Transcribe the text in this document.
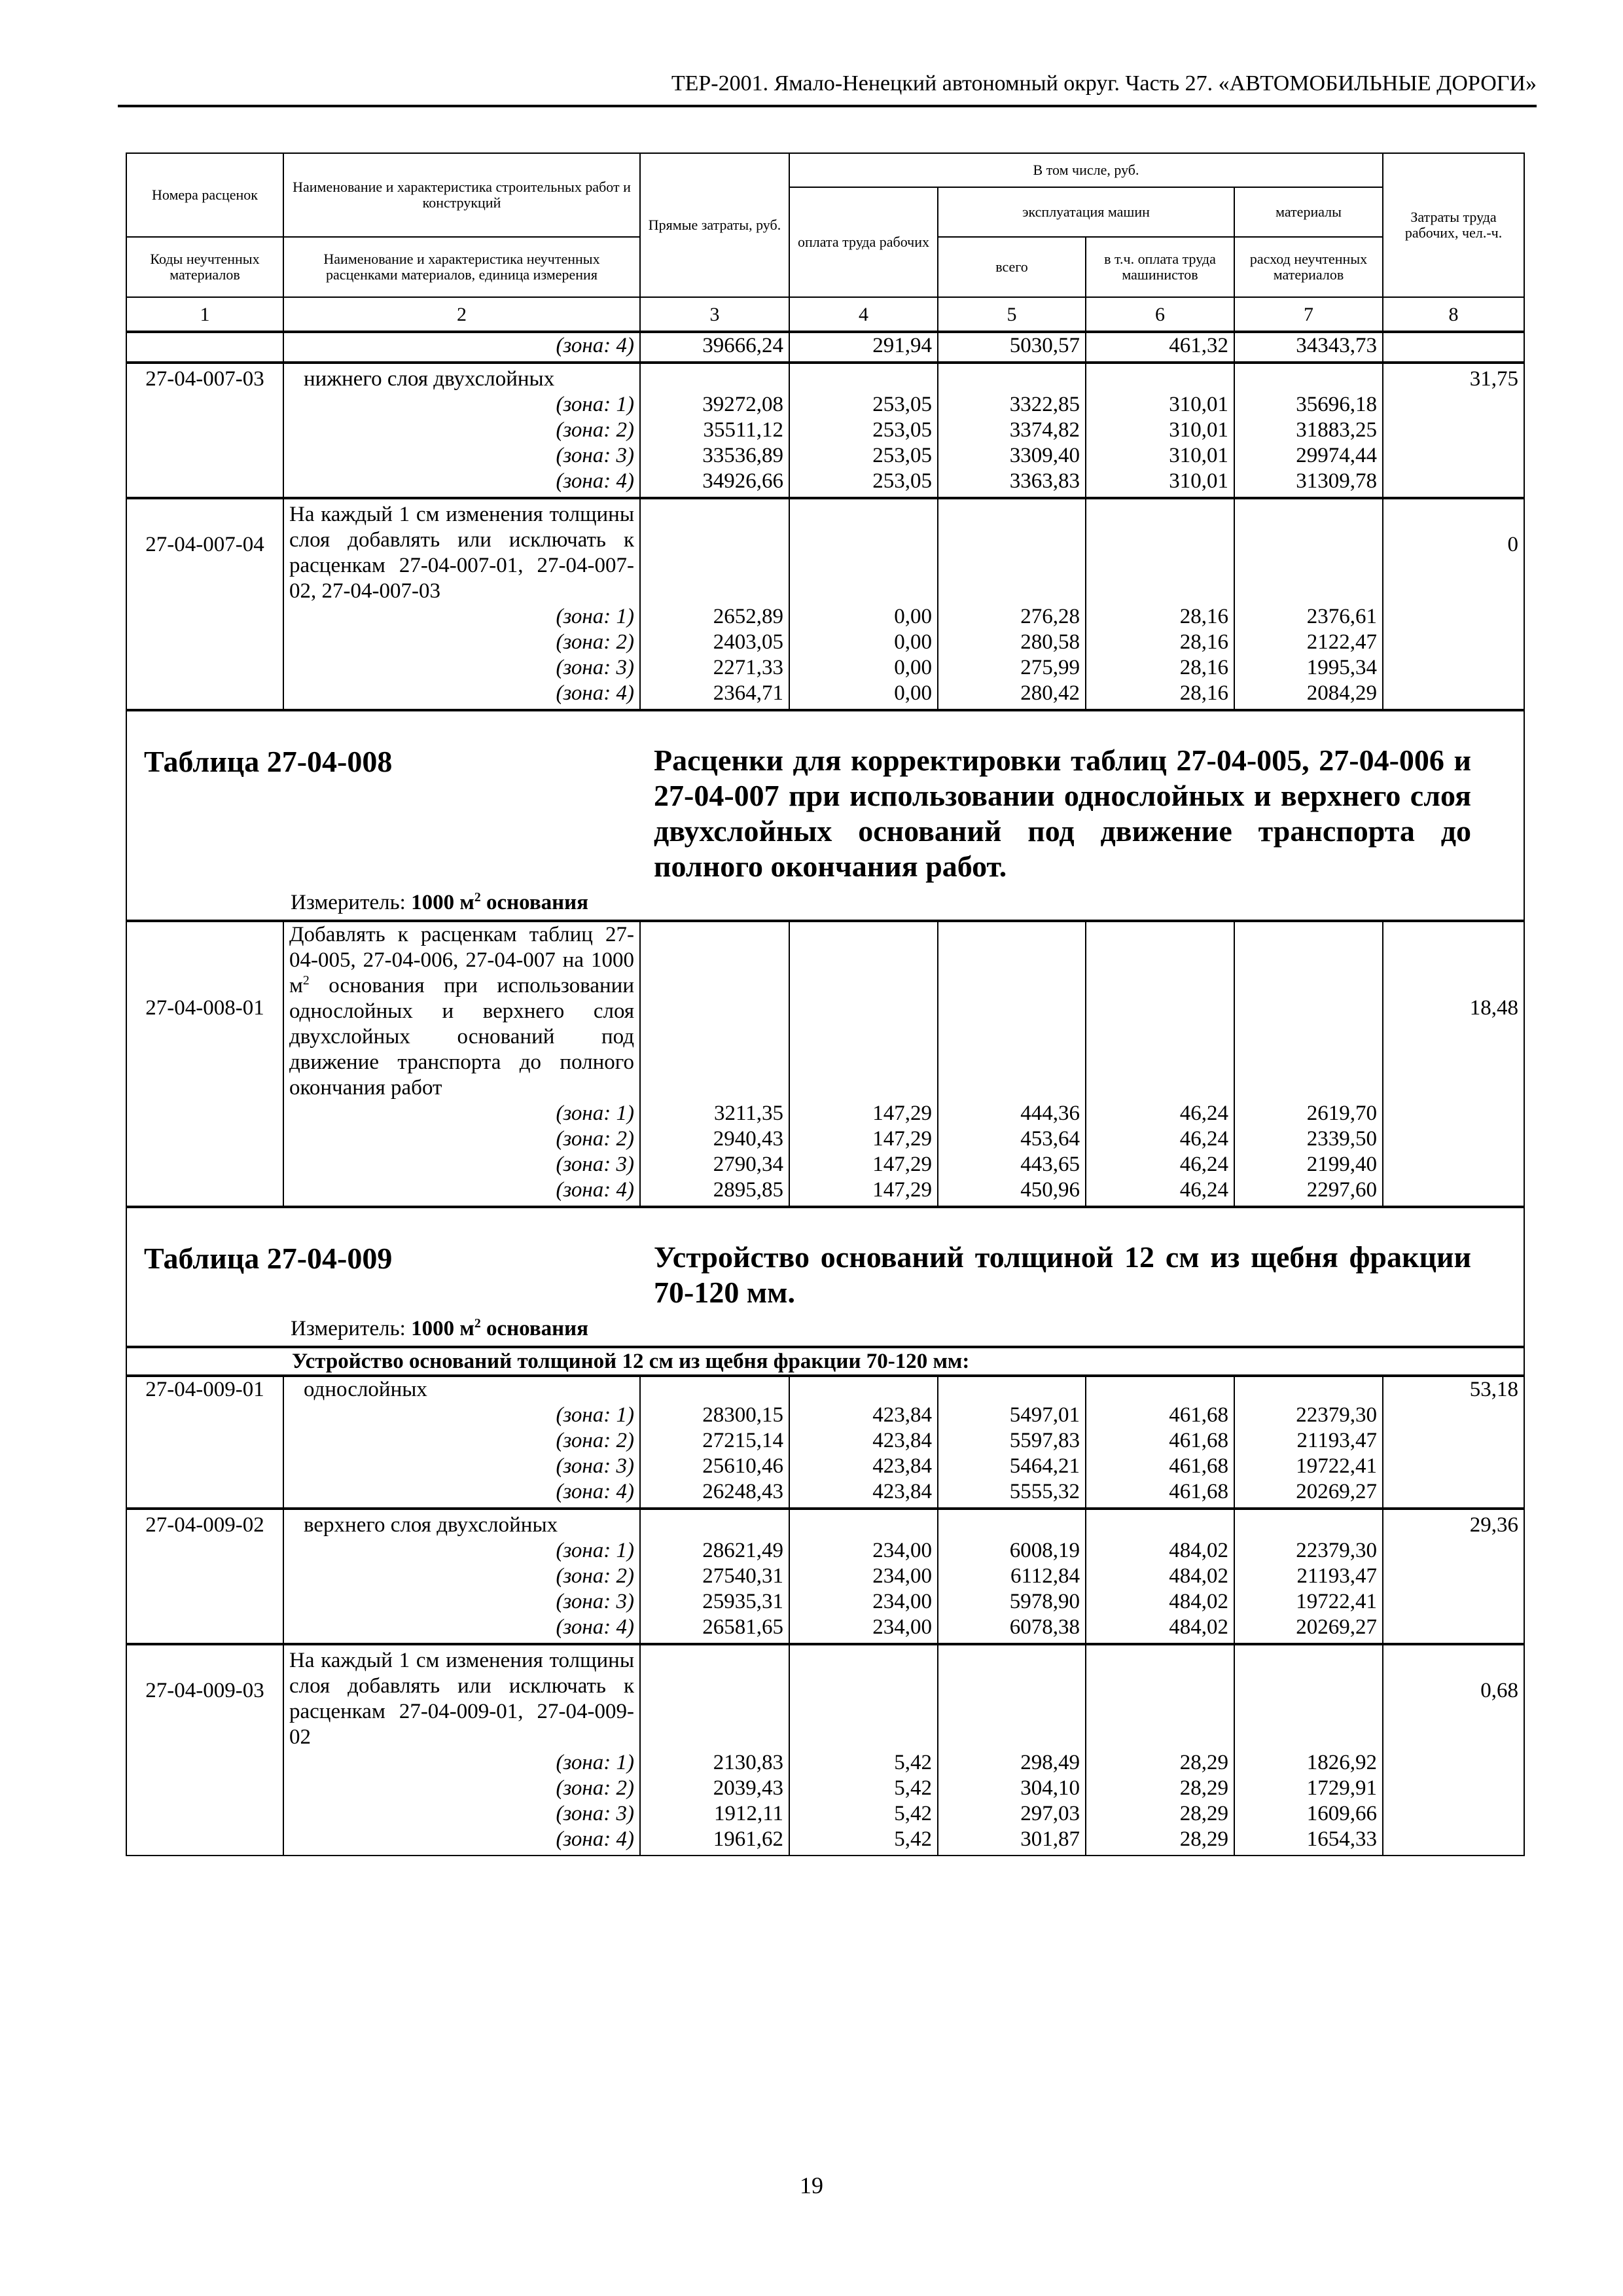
ТЕР-2001. Ямало-Ненецкий автономный округ. Часть 27. «АВТОМОБИЛЬНЫЕ ДОРОГИ»
Номера расценок	Наименование и характеристика строительных работ и конструкций	Прямые затраты, руб.	В том числе, руб.				Затраты труда рабочих, чел.-ч.
			оплата труда рабочих	эксплуатация машин		материалы	
Коды неучтенных материалов	Наименование и характеристика неучтенных расценками материалов, единица измерения			всего	в т.ч. оплата труда машинистов	расход неучтенных материалов	

1	2	3	4	5	6	7	8
	(зона: 4)	39666,24	291,94	5030,57	461,32	34343,73	
27-04-007-03	нижнего слоя двухслойных						31,75
	(зона: 1)	39272,08	253,05	3322,85	310,01	35696,18	
	(зона: 2)	35511,12	253,05	3374,82	310,01	31883,25	
	(зона: 3)	33536,89	253,05	3309,40	310,01	29974,44	
	(зона: 4)	34926,66	253,05	3363,83	310,01	31309,78	
27-04-007-04	На каждый 1 см изменения толщины слоя добавлять или исключать к расценкам 27-04-007-01, 27-04-007-02, 27-04-007-03						0
	(зона: 1)	2652,89	0,00	276,28	28,16	2376,61	
	(зона: 2)	2403,05	0,00	280,58	28,16	2122,47	
	(зона: 3)	2271,33	0,00	275,99	28,16	1995,34	
	(зона: 4)	2364,71	0,00	280,42	28,16	2084,29	

Таблица 27-04-008 Расценки для корректировки таблиц 27-04-005, 27-04-006 и 27-04-007 при использовании однослойных и верхнего слоя двухслойных оснований под движение транспорта до полного окончания работ.
Измеритель: 1000 $м^2$ основания							

27-04-008-01	Добавлять к расценкам таблиц 27-04-005, 27-04-006, 27-04-007 на 1000 $м^2$ основания при использовании однослойных и верхнего слоя двухслойных оснований под движение транспорта до полного окончания работ						18,48
	(зона: 1)	3211,35	147,29	444,36	46,24	2619,70	
	(зона: 2)	2940,43	147,29	453,64	46,24	2339,50	
	(зона: 3)	2790,34	147,29	443,65	46,24	2199,40	
	(зона: 4)	2895,85	147,29	450,96	46,24	2297,60	

Таблица 27-04-009 Устройство оснований толщиной 12 см из щебня фракции 70-120 мм.
Измеритель: 1000 $м^2$ основания							

Устройство оснований толщиной 12 см из щебня фракции 70-120 мм:							
27-04-009-01	однослойных						53,18
	(зона: 1)	28300,15	423,84	5497,01	461,68	22379,30	
	(зона: 2)	27215,14	423,84	5597,83	461,68	21193,47	
	(зона: 3)	25610,46	423,84	5464,21	461,68	19722,41	
	(зона: 4)	26248,43	423,84	5555,32	461,68	20269,27	
27-04-009-02	верхнего слоя двухслойных						29,36
	(зона: 1)	28621,49	234,00	6008,19	484,02	22379,30	
	(зона: 2)	27540,31	234,00	6112,84	484,02	21193,47	
	(зона: 3)	25935,31	234,00	5978,90	484,02	19722,41	
	(зона: 4)	26581,65	234,00	6078,38	484,02	20269,27	
27-04-009-03	На каждый 1 см изменения толщины слоя добавлять или исключать к расценкам 27-04-009-01, 27-04-009-02						0,68
	(зона: 1)	2130,83	5,42	298,49	28,29	1826,92	
	(зона: 2)	2039,43	5,42	304,10	28,29	1729,91	
	(зона: 3)	1912,11	5,42	297,03	28,29	1609,66	
	(зона: 4)	1961,62	5,42	301,87	28,29	1654,33	
19
